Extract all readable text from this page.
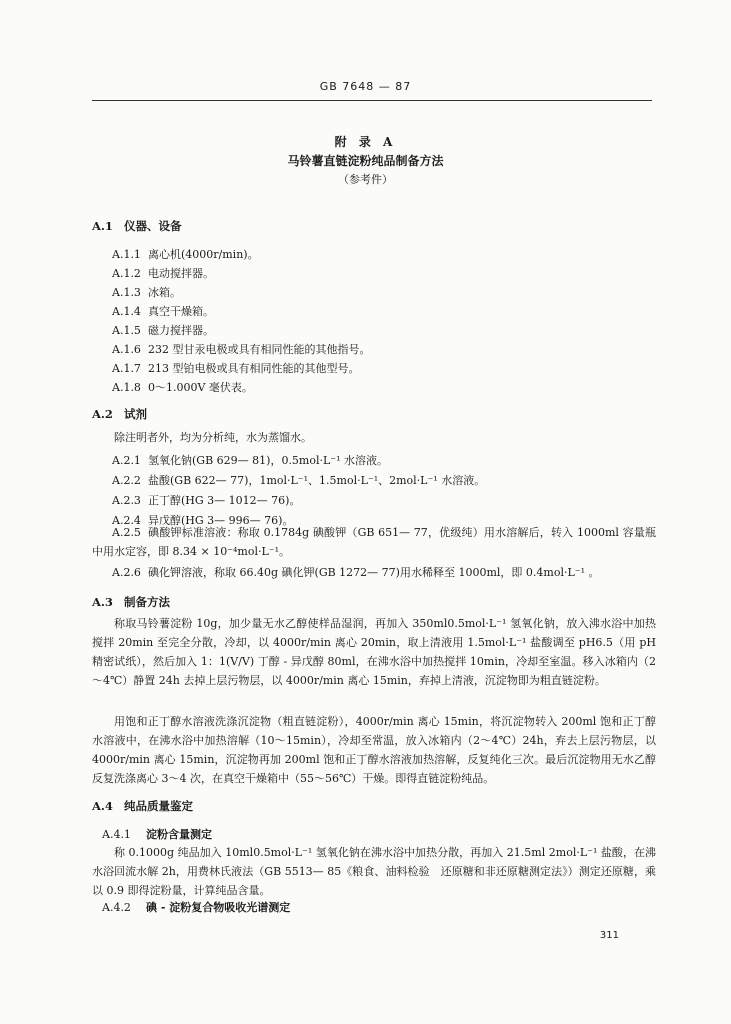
GB 7648 — 87
附 录 A
马铃薯直链淀粉纯品制备方法
（参考件）
A.1 仪器、设备
A.1.1 离心机(4000r/min)。
A.1.2 电动搅拌器。
A.1.3 冰箱。
A.1.4 真空干燥箱。
A.1.5 磁力搅拌器。
A.1.6 232 型甘汞电极或具有相同性能的其他指号。
A.1.7 213 型铂电极或具有相同性能的其他型号。
A.1.8 0～1.000V 毫伏表。
A.2 试剂
除注明者外，均为分析纯，水为蒸馏水。
A.2.1 氢氧化钠(GB 629— 81)，0.5mol·L⁻¹ 水溶液。
A.2.2 盐酸(GB 622— 77)，1mol·L⁻¹、1.5mol·L⁻¹、2mol·L⁻¹ 水溶液。
A.2.3 正丁醇(HG 3— 1012— 76)。
A.2.4 异戊醇(HG 3— 996— 76)。
A.2.5 碘酸钾标准溶液：称取 0.1784g 碘酸钾（GB 651— 77，优级纯）用水溶解后，转入 1000ml 容量瓶中用水定容，即 8.34 × 10⁻⁴mol·L⁻¹。
A.2.6 碘化钾溶液，称取 66.40g 碘化钾(GB 1272— 77)用水稀释至 1000ml，即 0.4mol·L⁻¹ 。
A.3 制备方法
称取马铃薯淀粉 10g，加少量无水乙醇使样品湿润，再加入 350ml0.5mol·L⁻¹ 氢氧化钠，放入沸水浴中加热搅拌 20min 至完全分散，冷却，以 4000r/min 离心 20min，取上清液用 1.5mol·L⁻¹ 盐酸调至 pH6.5（用 pH 精密试纸），然后加入 1：1(V/V) 丁醇 - 异戊醇 80ml，在沸水浴中加热搅拌 10min，冷却至室温。移入冰箱内（2～4℃）静置 24h 去掉上层污物层，以 4000r/min 离心 15min，弃掉上清液，沉淀物即为粗直链淀粉。
用饱和正丁醇水溶液洗涤沉淀物（粗直链淀粉），4000r/min 离心 15min，将沉淀物转入 200ml 饱和正丁醇水溶液中，在沸水浴中加热溶解（10～15min），冷却至常温，放入冰箱内（2～4℃）24h，弃去上层污物层，以 4000r/min 离心 15min，沉淀物再加 200ml 饱和正丁醇水溶液加热溶解，反复纯化三次。最后沉淀物用无水乙醇反复洗涤离心 3～4 次，在真空干燥箱中（55～56℃）干燥。即得直链淀粉纯品。
A.4 纯品质量鉴定
A.4.1 淀粉含量测定
称 0.1000g 纯品加入 10ml0.5mol·L⁻¹ 氢氧化钠在沸水浴中加热分散，再加入 21.5ml 2mol·L⁻¹ 盐酸，在沸水浴回流水解 2h，用费林氏液法（GB 5513— 85《粮食、油料检验　还原糖和非还原糖测定法》）测定还原糖，乘以 0.9 即得淀粉量，计算纯品含量。
A.4.2 碘 - 淀粉复合物吸收光谱测定
311
